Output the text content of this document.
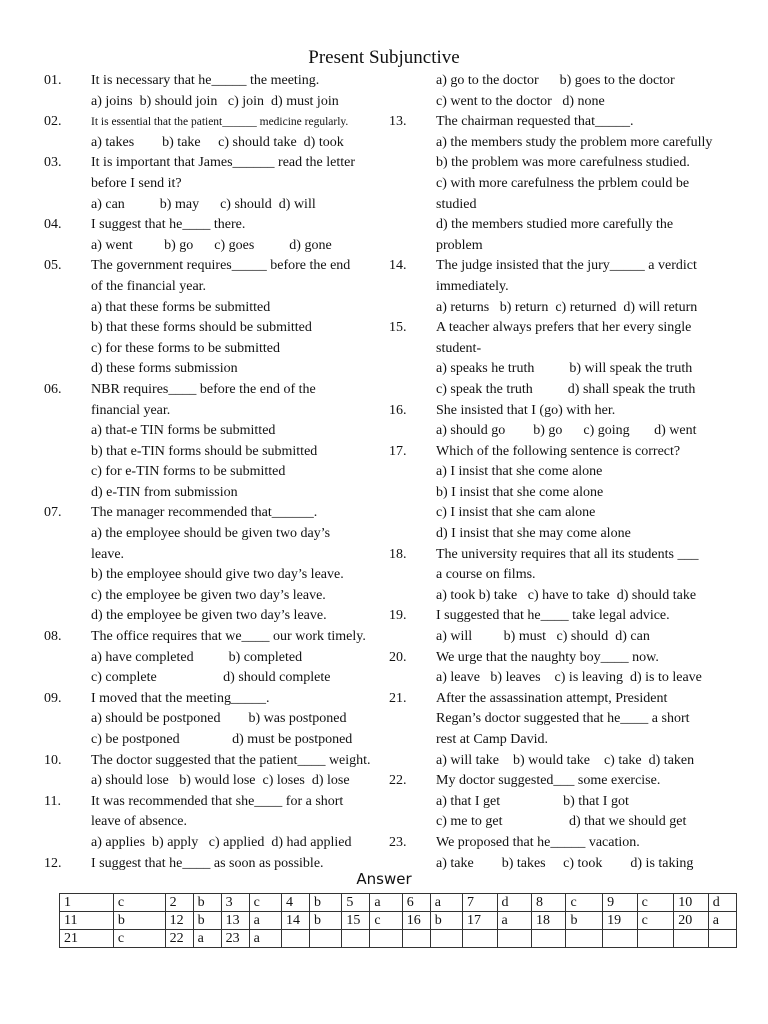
Present Subjunctive
01.	It is necessary that he_____ the meeting.
a) joins  b) should join   c) join  d) must join
02.	It is essential that the patient______ medicine regularly.
a) takes        b) take     c) should take  d) took
03.	It is important that James______ read the letter
before I send it?
a) can          b) may      c) should  d) will
04.	I suggest that he____ there.
a) went         b) go      c) goes          d) gone
05.	The government requires_____ before the end
of the financial year.
a) that these forms be submitted
b) that these forms should be submitted
c) for these forms to be submitted
d) these forms submission
06.	NBR requires____ before the end of the
financial year.
a) that-e TIN forms be submitted
b) that e-TIN forms should be submitted
c) for e-TIN forms to be submitted
d) e-TIN from submission
07.	The manager recommended that______.
a) the employee should be given two day’s
leave.
b) the employee should give two day’s leave.
c) the employee be given two day’s leave.
d) the employee be given two day’s leave.
08.	The office requires that we____ our work timely.
a) have completed          b) completed
c) complete                   d) should complete
09.	I moved that the meeting_____.
a) should be postponed        b) was postponed
c) be postponed               d) must be postponed
10.	The doctor suggested that the patient____ weight.
a) should lose   b) would lose  c) loses  d) lose
11.	It was recommended that she____ for a short
leave of absence.
a) applies  b) apply   c) applied  d) had applied
12.	I suggest that he____ as soon as possible.
a) go to the doctor      b) goes to the doctor
c) went to the doctor   d) none
13.	The chairman requested that_____.
a) the members study the problem more carefully
b) the problem was more carefulness studied.
c) with more carefulness the prblem could be
studied
d) the members studied more carefully the
problem
14.	The judge insisted that the jury_____ a verdict
immediately.
a) returns   b) return  c) returned  d) will return
15.	A teacher always prefers that her every single
student-
a) speaks he truth          b) will speak the truth
c) speak the truth          d) shall speak the truth
16.	She insisted that I (go) with her.
a) should go        b) go      c) going       d) went
17.	Which of the following sentence is correct?
a) I insist that she come alone
b) I insist that she come alone
c) I insist that she cam alone
d) I insist that she may come alone
18.	The university requires that all its students ___
a course on films.
a) took b) take   c) have to take  d) should take
19.	I suggested that he____ take legal advice.
a) will         b) must   c) should  d) can
20.	We urge that the naughty boy____ now.
a) leave   b) leaves    c) is leaving  d) is to leave
21.	After the assassination attempt, President
Regan’s doctor suggested that he____ a short
rest at Camp David.
a) will take    b) would take    c) take  d) taken
22.	My doctor suggested___ some exercise.
a) that I get                  b) that I got
c) me to get                   d) that we should get
23.	We proposed that he_____ vacation.
a) take        b) takes     c) took        d) is taking
Answer
1	c	2	b	3	c	4	b	5	a	6	a	7	d	8	c	9	c	10	d
11	b	12	b	13	a	14	b	15	c	16	b	17	a	18	b	19	c	20	a
21	c	22	a	23	a														
